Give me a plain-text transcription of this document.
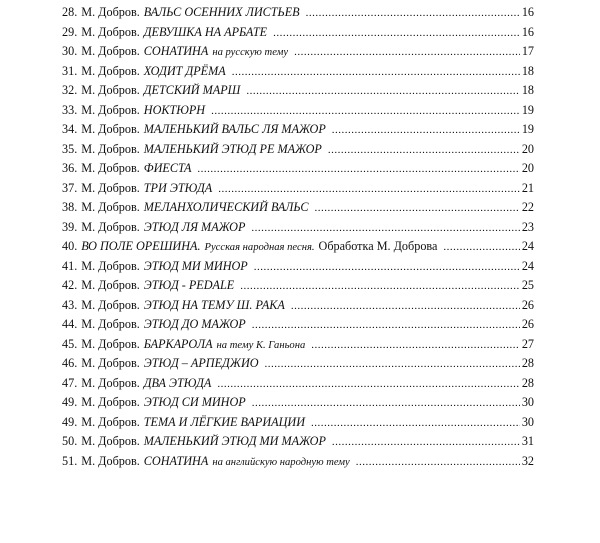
28. М. Добров. ВАЛЬС ОСЕННИХ ЛИСТЬЕВ .....	16
29. М. Добров. ДЕВУШКА НА АРБАТЕ .....	16
30. М. Добров. СОНАТИНА на русскую тему .....	17
31. М. Добров. ХОДИТ ДРЁМА .....	18
32. М. Добров. ДЕТСКИЙ МАРШ .....	18
33. М. Добров. НОКТЮРН .....	19
34. М. Добров. МАЛЕНЬКИЙ ВАЛЬС ЛЯ МАЖОР .....	19
35. М. Добров. МАЛЕНЬКИЙ ЭТЮД РЕ МАЖОР .....	20
36. М. Добров. ФИЕСТА .....	20
37. М. Добров. ТРИ ЭТЮДА .....	21
38. М. Добров. МЕЛАНХОЛИЧЕСКИЙ ВАЛЬС .....	22
39. М. Добров. ЭТЮД ЛЯ МАЖОР .....	23
40. ВО ПОЛЕ ОРЕШИНА. Русская народная песня. Обработка М. Доброва .....	24
41. М. Добров. ЭТЮД МИ МИНОР .....	24
42. М. Добров. ЭТЮД - PEDALE .....	25
43. М. Добров. ЭТЮД НА ТЕМУ Ш. РАКА .....	26
44. М. Добров. ЭТЮД ДО МАЖОР .....	26
45. М. Добров. БАРКАРОЛА на тему К. Ганьона .....	27
46. М. Добров. ЭТЮД – АРПЕДЖИО .....	28
47. М. Добров. ДВА ЭТЮДА .....	28
49. М. Добров. ЭТЮД СИ МИНОР .....	30
49. М. Добров. ТЕМА И ЛЁГКИЕ ВАРИАЦИИ .....	30
50. М. Добров. МАЛЕНЬКИЙ ЭТЮД МИ МАЖОР .....	31
51. М. Добров. СОНАТИНА на английскую народную тему .....	32
